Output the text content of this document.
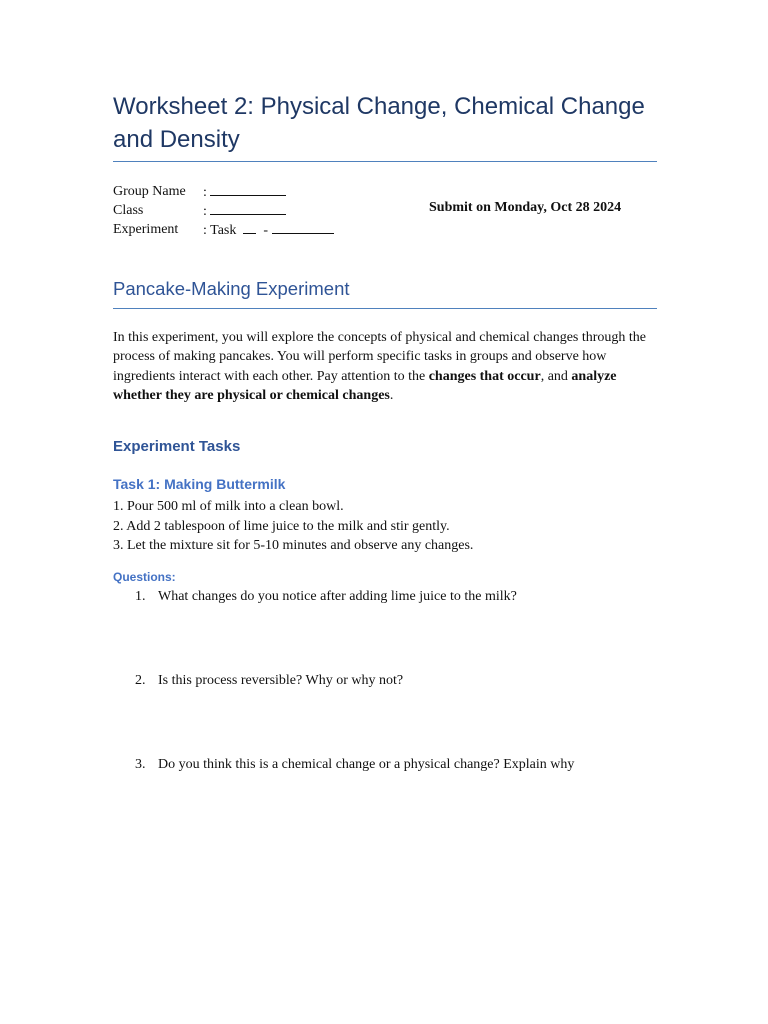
Worksheet 2: Physical Change, Chemical Change and Density
Group Name :
Class	:
Experiment : Task -
Submit on Monday, Oct 28 2024
Pancake-Making Experiment

In this experiment, you will explore the concepts of physical and chemical changes through the process of making pancakes. You will perform specific tasks in groups and observe how ingredients interact with each other. Pay attention to the changes that occur, and analyze whether they are physical or chemical changes.

Experiment Tasks
Task 1: Making Buttermilk
1. Pour 500 ml of milk into a clean bowl.
2. Add 2 tablespoon of lime juice to the milk and stir gently.
3. Let the mixture sit for 5-10 minutes and observe any changes.
Questions:
1. What changes do you notice after adding lime juice to the milk?
2. Is this process reversible? Why or why not?
3. Do you think this is a chemical change or a physical change? Explain why
